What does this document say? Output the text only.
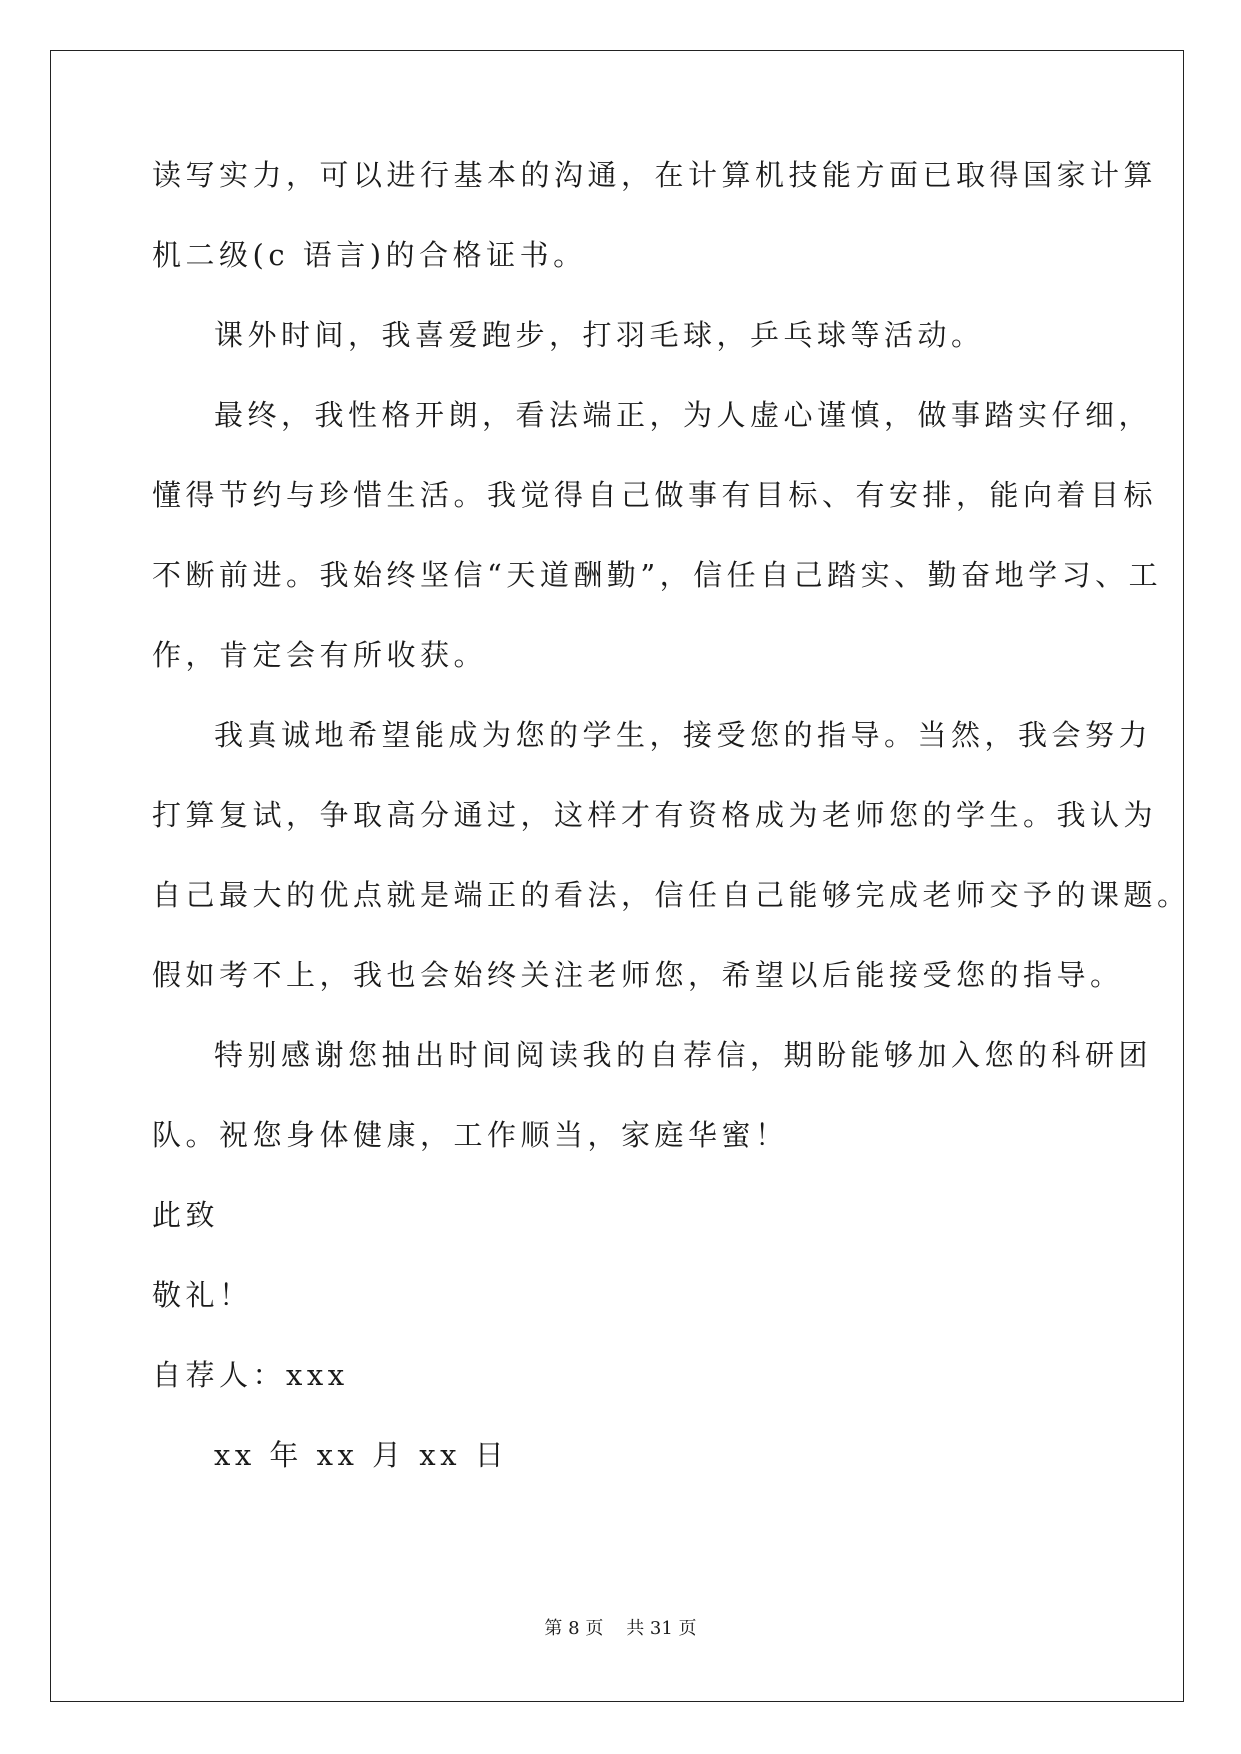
读写实力，可以进行基本的沟通，在计算机技能方面已取得国家计算
机二级(c 语言)的合格证书。
课外时间，我喜爱跑步，打羽毛球，乒乓球等活动。
最终，我性格开朗，看法端正，为人虚心谨慎，做事踏实仔细，
懂得节约与珍惜生活。我觉得自己做事有目标、有安排，能向着目标
不断前进。我始终坚信“天道酬勤”，信任自己踏实、勤奋地学习、工
作，肯定会有所收获。
我真诚地希望能成为您的学生，接受您的指导。当然，我会努力
打算复试，争取高分通过，这样才有资格成为老师您的学生。我认为
自己最大的优点就是端正的看法，信任自己能够完成老师交予的课题。
假如考不上，我也会始终关注老师您，希望以后能接受您的指导。
特别感谢您抽出时间阅读我的自荐信，期盼能够加入您的科研团
队。祝您身体健康，工作顺当，家庭华蜜！
此致
敬礼！
自荐人：xxx
xx 年 xx 月 xx 日
第 8 页    共 31 页
